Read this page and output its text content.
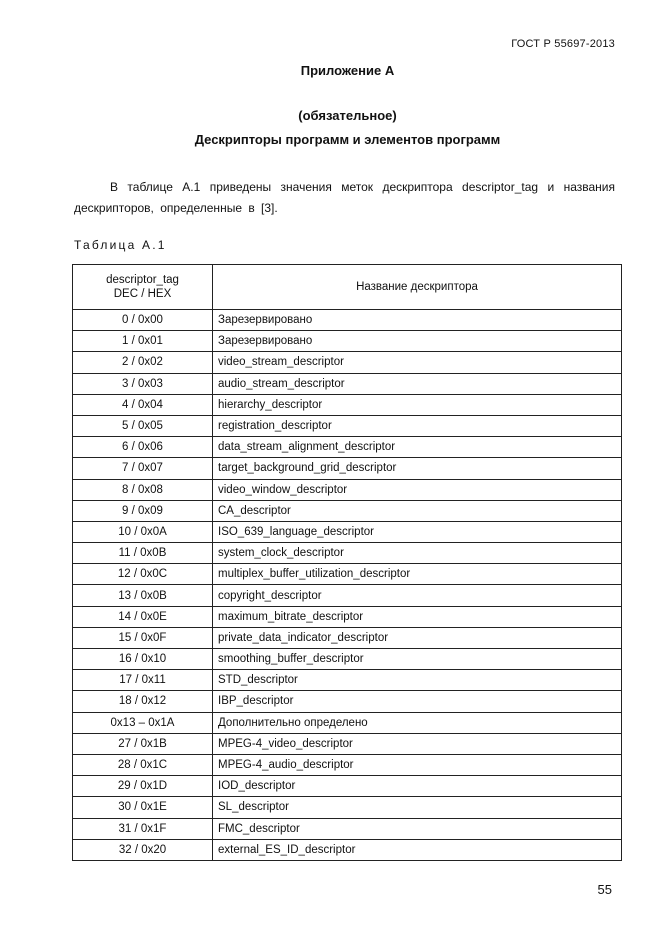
ГОСТ Р 55697-2013
Приложение А
(обязательное)
Дескрипторы программ и элементов программ
В таблице А.1 приведены значения меток дескриптора descriptor_tag и названия дескрипторов, определенные в [3].
Таблица А.1
descriptor_tag
DEC / HEX	Название дескриптора
0 / 0x00	Зарезервировано
1 / 0x01	Зарезервировано
2 / 0x02	video_stream_descriptor
3 / 0x03	audio_stream_descriptor
4 / 0x04	hierarchy_descriptor
5 / 0x05	registration_descriptor
6 / 0x06	data_stream_alignment_descriptor
7 / 0x07	target_background_grid_descriptor
8 / 0x08	video_window_descriptor
9 / 0x09	CA_descriptor
10 / 0x0A	ISO_639_language_descriptor
11 / 0x0B	system_clock_descriptor
12 / 0x0C	multiplex_buffer_utilization_descriptor
13 / 0x0B	copyright_descriptor
14 / 0x0E	maximum_bitrate_descriptor
15 / 0x0F	private_data_indicator_descriptor
16 / 0x10	smoothing_buffer_descriptor
17 / 0x11	STD_descriptor
18 / 0x12	IBP_descriptor
0x13 – 0x1A	Дополнительно определено
27 / 0x1B	MPEG-4_video_descriptor
28 / 0x1C	MPEG-4_audio_descriptor
29 / 0x1D	IOD_descriptor
30 / 0x1E	SL_descriptor
31 / 0x1F	FMC_descriptor
32 / 0x20	external_ES_ID_descriptor
55
